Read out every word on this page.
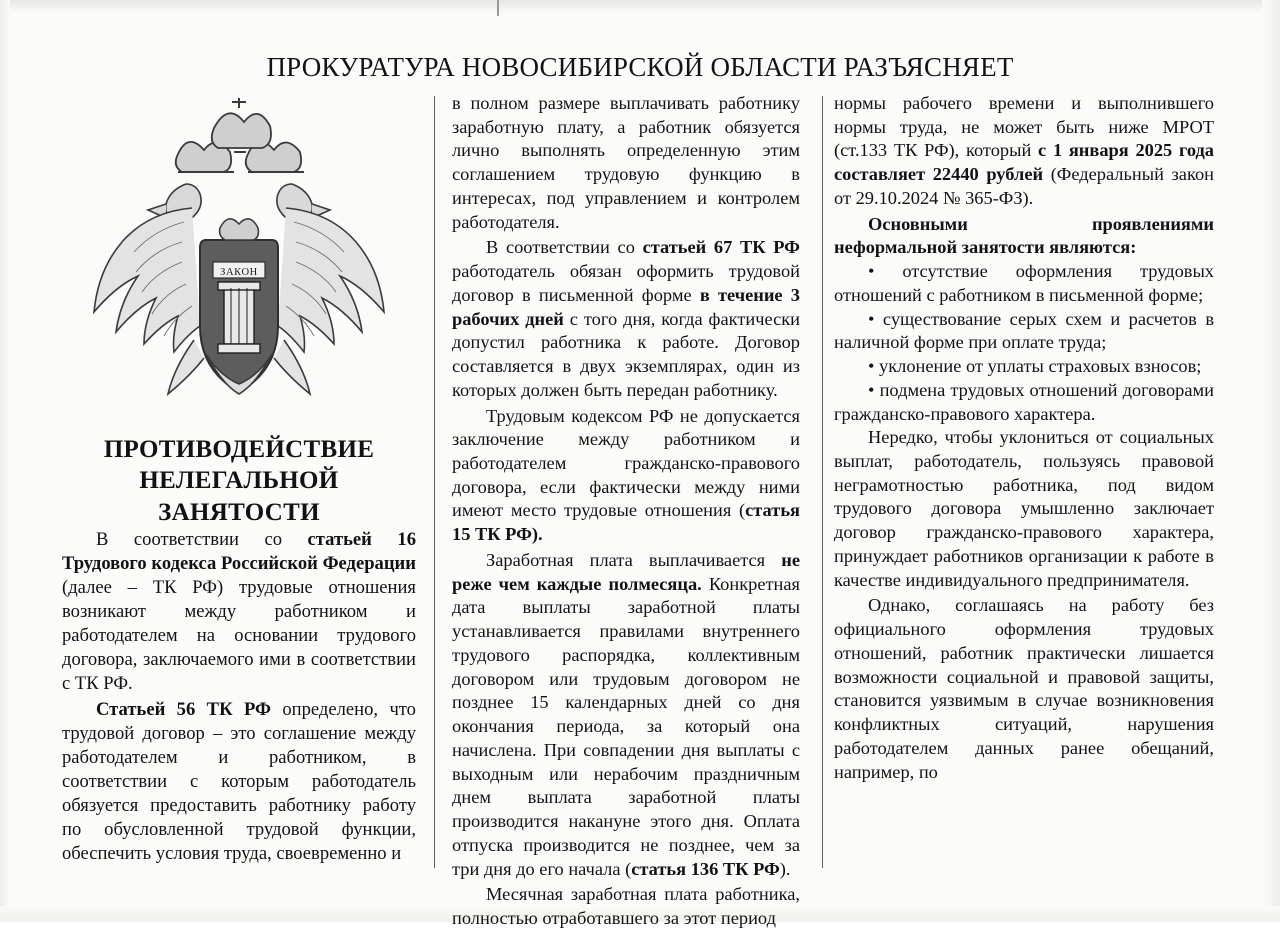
ПРОКУРАТУРА НОВОСИБИРСКОЙ ОБЛАСТИ РАЗЪЯСНЯЕТ
ЗАКОН
ПРОТИВОДЕЙСТВИЕ
НЕЛЕГАЛЬНОЙ
ЗАНЯТОСТИ

В соответствии со статьей 16 Трудового кодекса Российской Федерации (далее – ТК РФ) трудовые отношения возникают между работником и работодателем на основании трудового договора, заключаемого ими в соответствии с ТК РФ.

Статьей 56 ТК РФ определено, что трудовой договор – это соглашение между работодателем и работником, в соответствии с которым работодатель обязуется предоставить работнику работу по обусловленной трудовой функции, обеспечить условия труда, своевременно и

в полном размере выплачивать работнику заработную плату, а работник обязуется лично выполнять определенную этим соглашением трудовую функцию в интересах, под управлением и контролем работодателя.

В соответствии со статьей 67 ТК РФ работодатель обязан оформить трудовой договор в письменной форме в течение 3 рабочих дней с того дня, когда фактически допустил работника к работе. Договор составляется в двух экземплярах, один из которых должен быть передан работнику.

Трудовым кодексом РФ не допускается заключение между работником и работодателем гражданско-правового договора, если фактически между ними имеют место трудовые отношения (статья 15 ТК РФ).

Заработная плата выплачивается не реже чем каждые полмесяца. Конкретная дата выплаты заработной платы устанавливается правилами внутреннего трудового распорядка, коллективным договором или трудовым договором не позднее 15 календарных дней со дня окончания периода, за который она начислена. При совпадении дня выплаты с выходным или нерабочим праздничным днем выплата заработной платы производится накануне этого дня. Оплата отпуска производится не позднее, чем за три дня до его начала (статья 136 ТК РФ).

Месячная заработная плата работника, полностью отработавшего за этот период

нормы рабочего времени и выполнившего нормы труда, не может быть ниже МРОТ (ст.133 ТК РФ), который с 1 января 2025 года составляет 22440 рублей (Федеральный закон от 29.10.2024 № 365-ФЗ).

Основными проявлениями неформальной занятости являются:

• отсутствие оформления трудовых отношений с работником в письменной форме;

• существование серых схем и расчетов в наличной форме при оплате труда;

• уклонение от уплаты страховых взносов;

• подмена трудовых отношений договорами гражданско-правового характера.

Нередко, чтобы уклониться от социальных выплат, работодатель, пользуясь правовой неграмотностью работника, под видом трудового договора умышленно заключает договор гражданско-правового характера, принуждает работников организации к работе в качестве индивидуального предпринимателя.

Однако, соглашаясь на работу без официального оформления трудовых отношений, работник практически лишается возможности социальной и правовой защиты, становится уязвимым в случае возникновения конфликтных ситуаций, нарушения работодателем данных ранее обещаний, например, по
